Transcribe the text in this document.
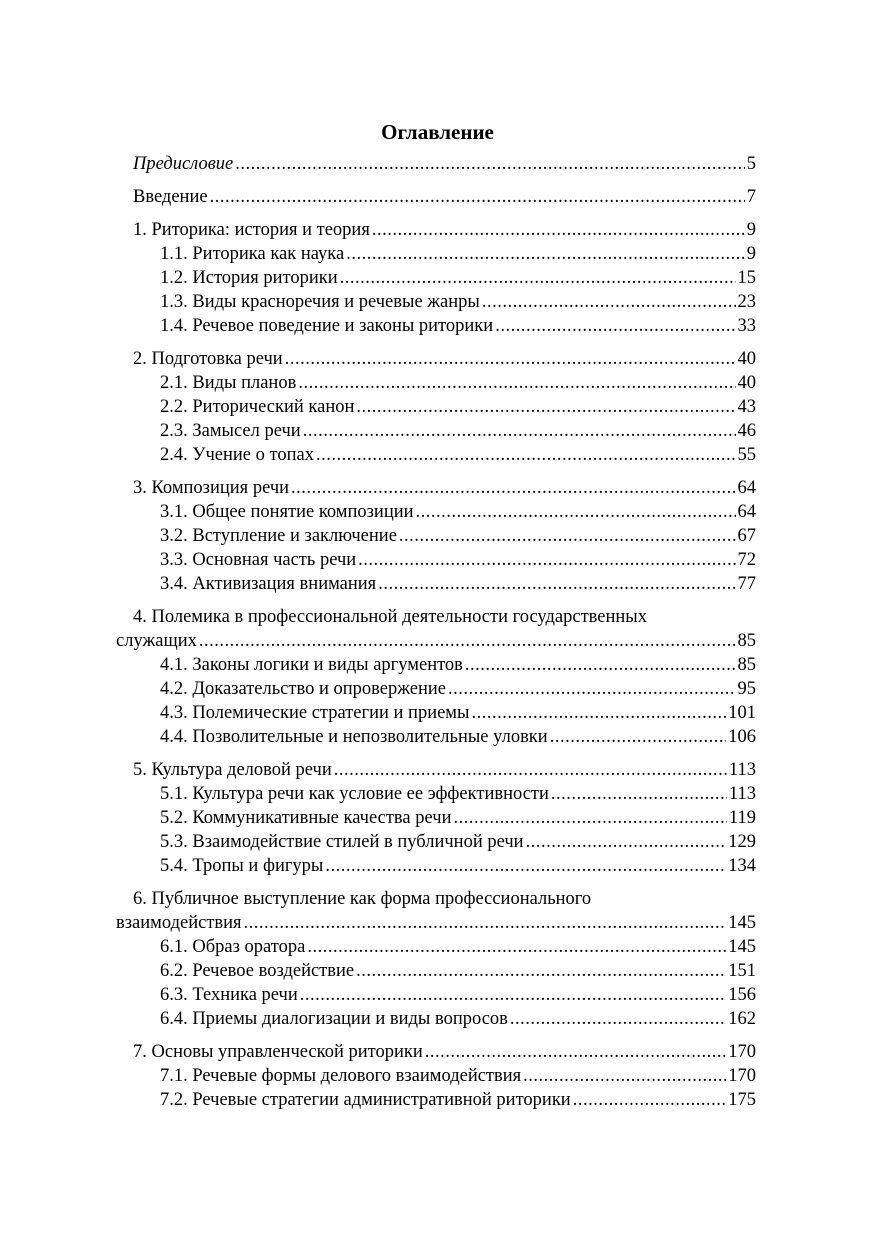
Оглавление
Предисловие .....	5
Введение .....	7
1. Риторика: история и теория .....	9
1.1. Риторика как наука .....	9
1.2. История риторики .....	15
1.3. Виды красноречия и речевые жанры .....	23
1.4. Речевое поведение и законы риторики .....	33
2. Подготовка речи .....	40
2.1. Виды планов .....	40
2.2. Риторический канон .....	43
2.3. Замысел речи .....	46
2.4. Учение о топах .....	55
3. Композиция речи .....	64
3.1. Общее понятие композиции .....	64
3.2. Вступление и заключение .....	67
3.3. Основная часть речи .....	72
3.4. Активизация внимания .....	77
4. Полемика в профессиональной деятельности государственных
служащих .....	85
4.1. Законы логики и виды аргументов .....	85
4.2. Доказательство и опровержение .....	95
4.3. Полемические стратегии и приемы .....	101
4.4. Позволительные и непозволительные уловки .....	106
5. Культура деловой речи .....	113
5.1. Культура речи как условие ее эффективности .....	113
5.2. Коммуникативные качества речи .....	119
5.3. Взаимодействие стилей в публичной речи .....	129
5.4. Тропы и фигуры .....	134
6. Публичное выступление как форма профессионального
взаимодействия .....	145
6.1. Образ оратора .....	145
6.2. Речевое воздействие .....	151
6.3. Техника речи .....	156
6.4. Приемы диалогизации и виды вопросов .....	162
7. Основы управленческой риторики .....	170
7.1. Речевые формы делового взаимодействия .....	170
7.2. Речевые стратегии административной риторики .....	175
